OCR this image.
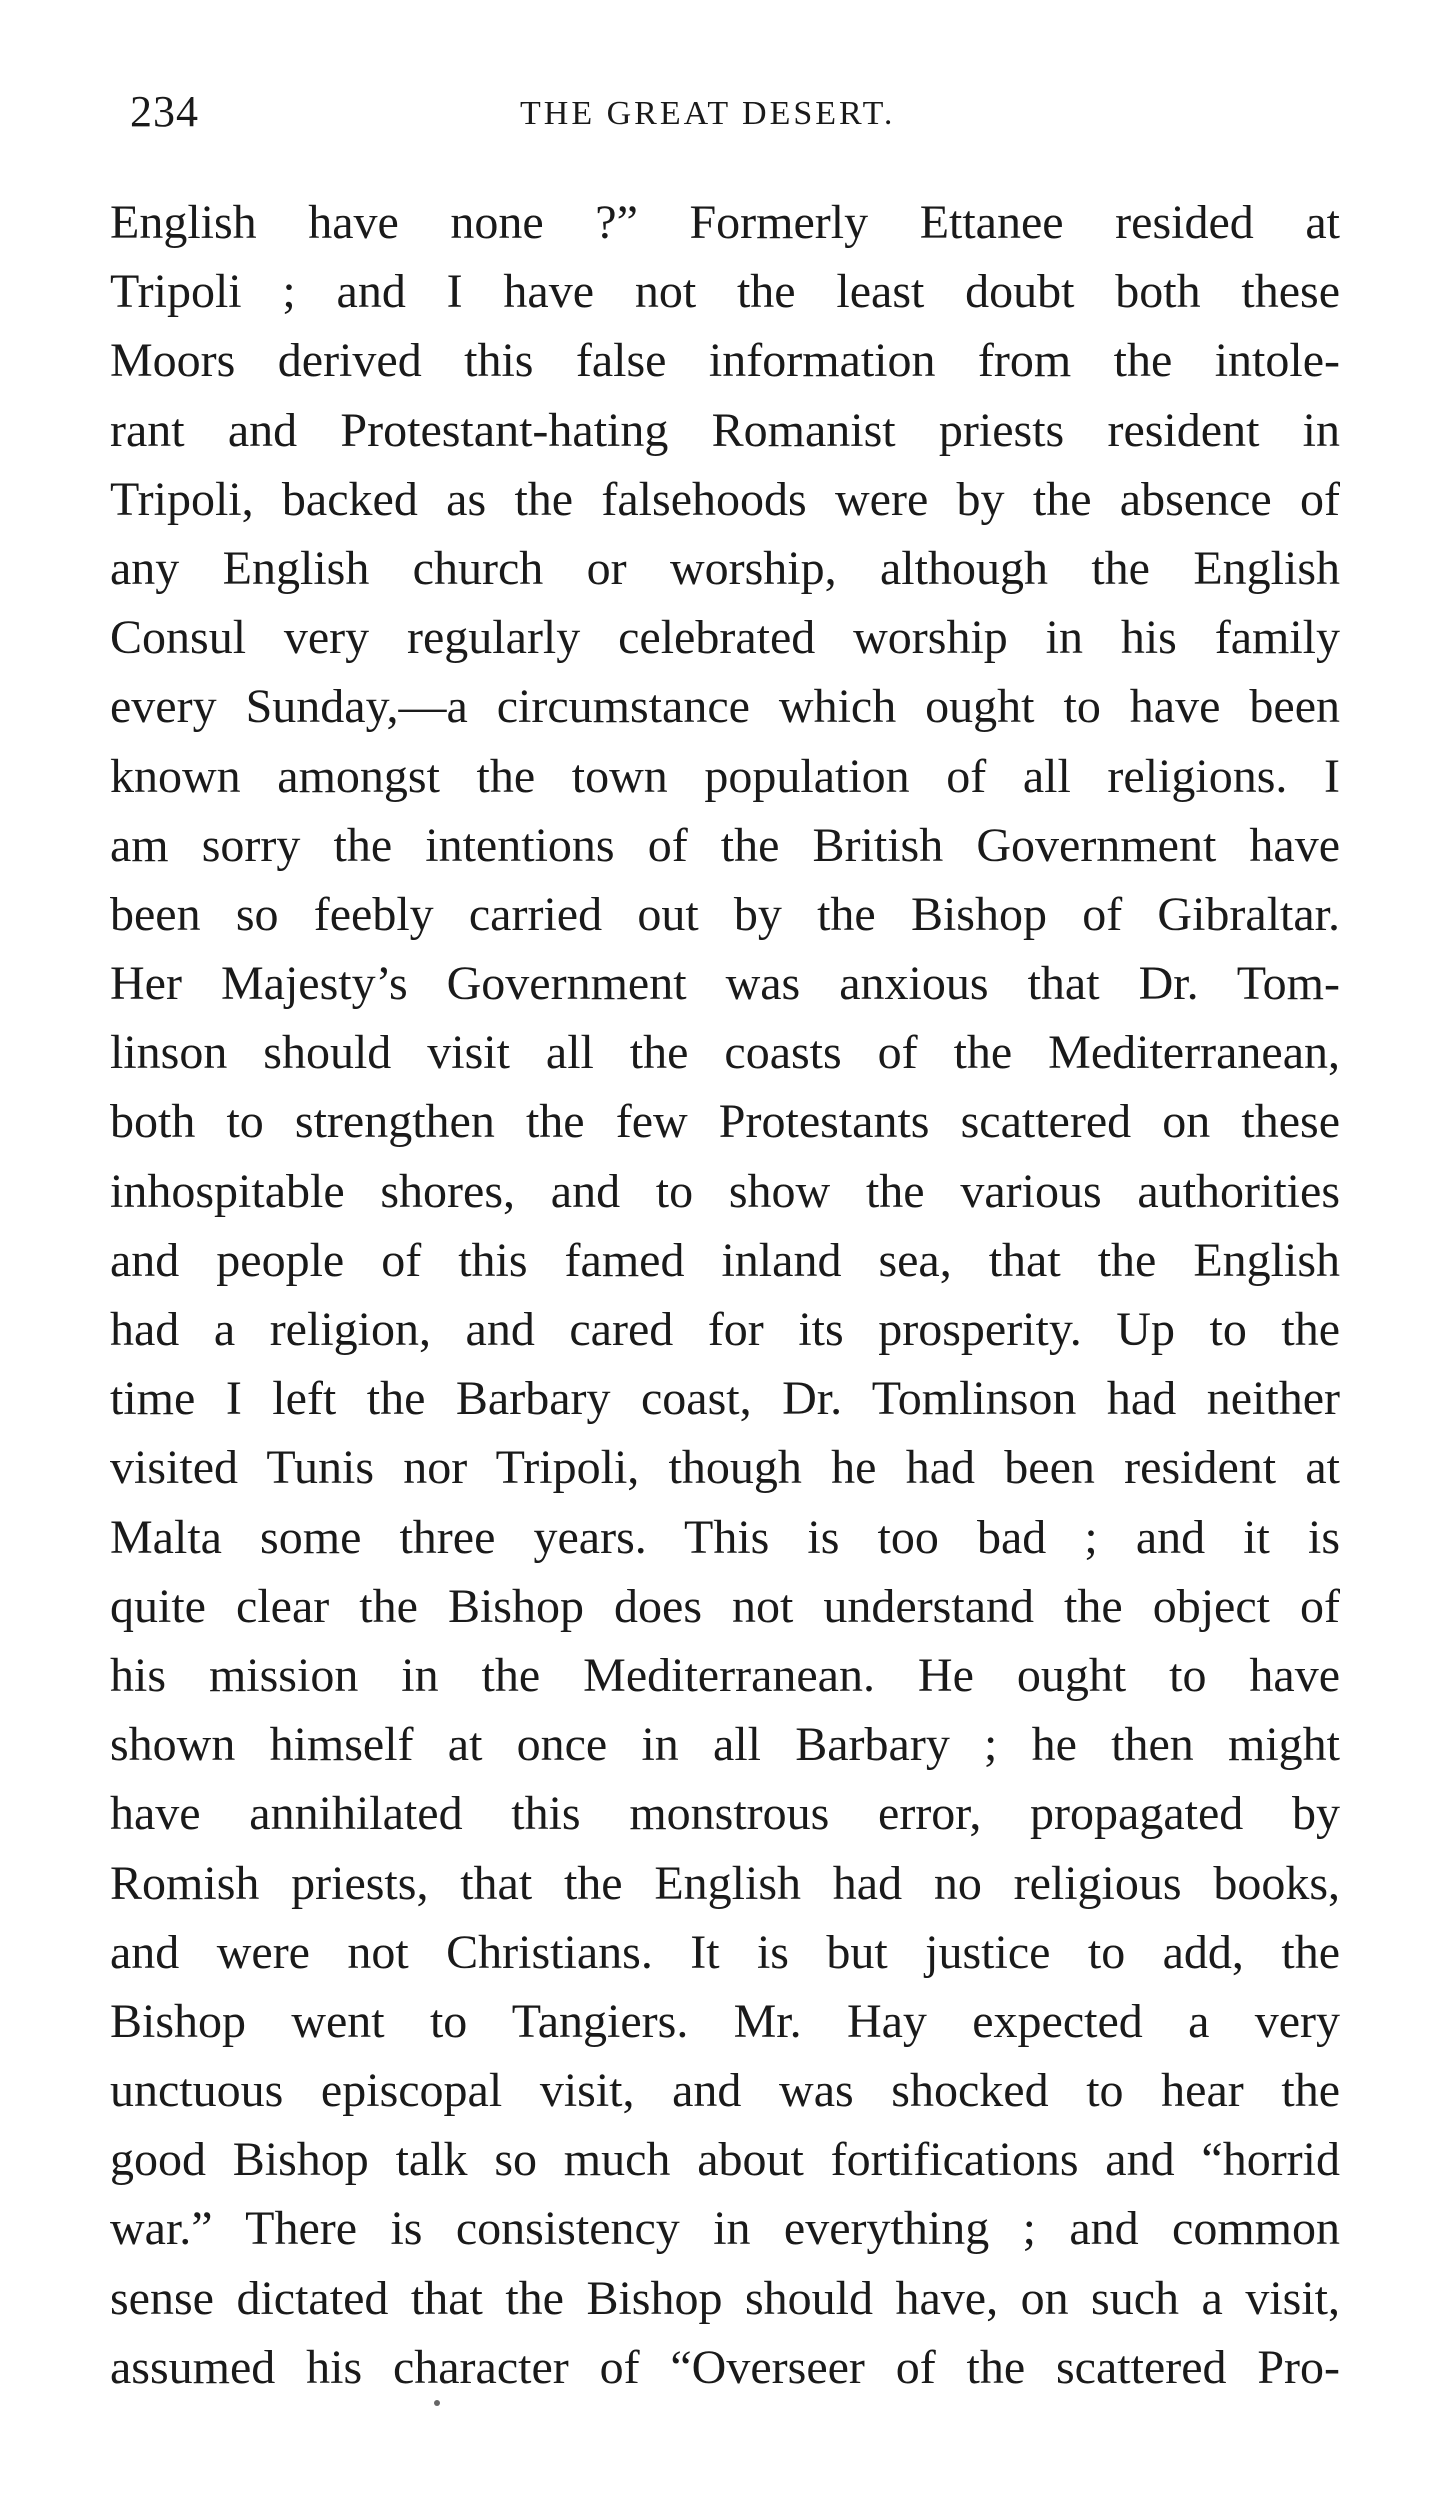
234	THE GREAT DESERT.
English have none ?” Formerly Ettanee resided at
Tripoli ; and I have not the least doubt both these
Moors derived this false information from the intole-
rant and Protestant-hating Romanist priests resident in
Tripoli, backed as the falsehoods were by the absence of
any English church or worship, although the English
Consul very regularly celebrated worship in his family
every Sunday,—a circumstance which ought to have been
known amongst the town population of all religions. I
am sorry the intentions of the British Government have
been so feebly carried out by the Bishop of Gibraltar.
Her Majesty’s Government was anxious that Dr. Tom-
linson should visit all the coasts of the Mediterranean,
both to strengthen the few Protestants scattered on these
inhospitable shores, and to show the various authorities
and people of this famed inland sea, that the English
had a religion, and cared for its prosperity. Up to the
time I left the Barbary coast, Dr. Tomlinson had neither
visited Tunis nor Tripoli, though he had been resident at
Malta some three years. This is too bad ; and it is
quite clear the Bishop does not understand the object of
his mission in the Mediterranean. He ought to have
shown himself at once in all Barbary ; he then might
have annihilated this monstrous error, propagated by
Romish priests, that the English had no religious books,
and were not Christians. It is but justice to add, the
Bishop went to Tangiers. Mr. Hay expected a very
unctuous episcopal visit, and was shocked to hear the
good Bishop talk so much about fortifications and “horrid
war.” There is consistency in everything ; and common
sense dictated that the Bishop should have, on such a visit,
assumed his character of “Overseer of the scattered Pro-
